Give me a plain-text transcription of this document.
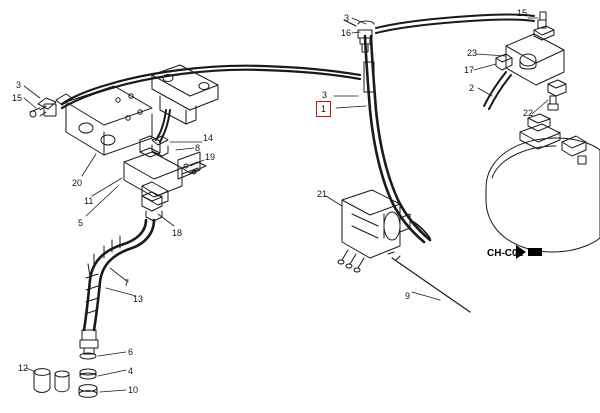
3
15
20
11
5
8
14
19
18
7
13
6
4
10
12
3
16
3
1
21
9
23
17
2
15
22
CH-C02
